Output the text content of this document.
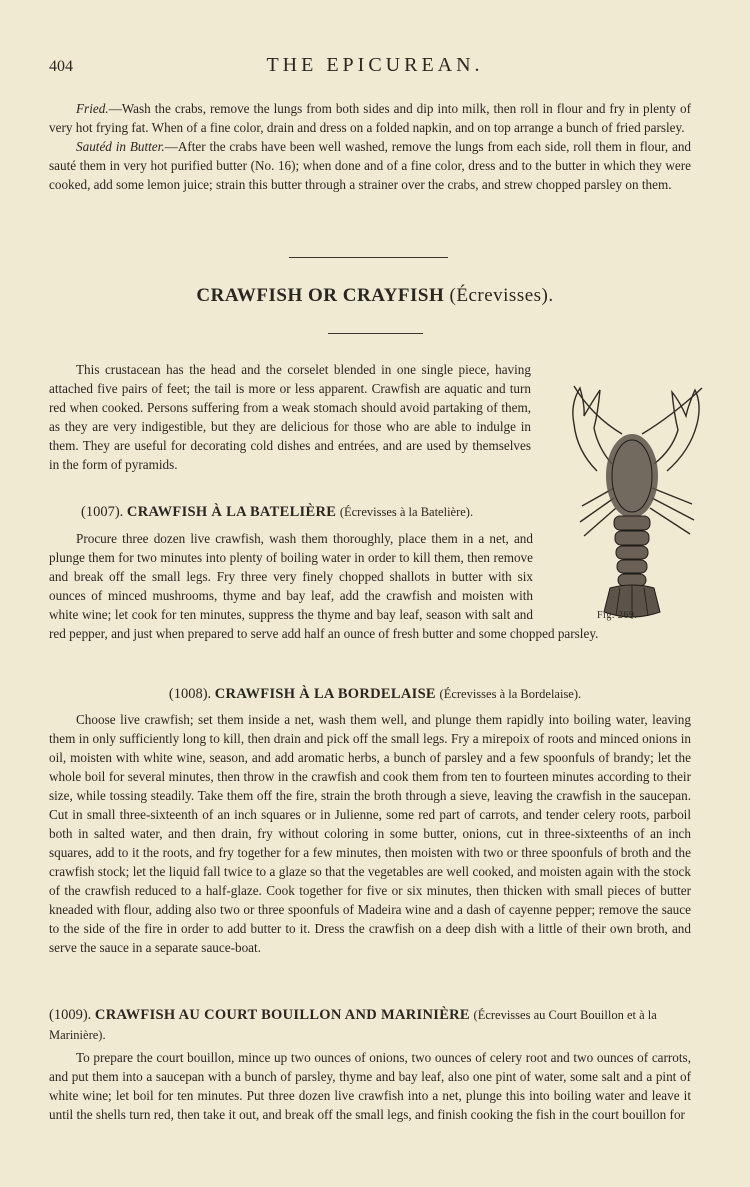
404	THE EPICUREAN.

Fried.—Wash the crabs, remove the lungs from both sides and dip into milk, then roll in flour and fry in plenty of very hot frying fat. When of a fine color, drain and dress on a folded napkin, and on top arrange a bunch of fried parsley.

Sautéd in Butter.—After the crabs have been well washed, remove the lungs from each side, roll them in flour, and sauté them in very hot purified butter (No. 16); when done and of a fine color, dress and to the butter in which they were cooked, add some lemon juice; strain this butter through a strainer over the crabs, and strew chopped parsley on them.

CRAWFISH OR CRAYFISH (Écrevisses).
Fig. 269.

This crustacean has the head and the corselet blended in one single piece, having attached five pairs of feet; the tail is more or less apparent. Crawfish are aquatic and turn red when cooked. Persons suffering from a weak stomach should avoid partaking of them, as they are very indigestible, but they are delicious for those who are able to indulge in them. They are useful for decorating cold dishes and entrées, and are used by themselves in the form of pyramids.

(1007). CRAWFISH À LA BATELIÈRE (Écrevisses à la Batelière).

Procure three dozen live crawfish, wash them thoroughly, place them in a net, and plunge them for two minutes into plenty of boiling water in order to kill them, then remove and break off the small legs. Fry three very finely chopped shallots in butter with six ounces of minced mushrooms, thyme and bay leaf, add the crawfish and moisten with white wine; let cook for ten minutes, suppress the thyme and bay leaf, season with salt and red pepper, and just when prepared to serve add half an ounce of fresh butter and some chopped parsley.

(1008). CRAWFISH À LA BORDELAISE (Écrevisses à la Bordelaise).

Choose live crawfish; set them inside a net, wash them well, and plunge them rapidly into boiling water, leaving them in only sufficiently long to kill, then drain and pick off the small legs. Fry a mirepoix of roots and minced onions in oil, moisten with white wine, season, and add aromatic herbs, a bunch of parsley and a few spoonfuls of brandy; let the whole boil for several minutes, then throw in the crawfish and cook them from ten to fourteen minutes according to their size, while tossing steadily. Take them off the fire, strain the broth through a sieve, leaving the crawfish in the saucepan. Cut in small three-sixteenth of an inch squares or in Julienne, some red part of carrots, and tender celery roots, parboil both in salted water, and then drain, fry without coloring in some butter, onions, cut in three-sixteenths of an inch squares, add to it the roots, and fry together for a few minutes, then moisten with two or three spoonfuls of broth and the crawfish stock; let the liquid fall twice to a glaze so that the vegetables are well cooked, and moisten again with the stock of the crawfish reduced to a half-glaze. Cook together for five or six minutes, then thicken with small pieces of butter kneaded with flour, adding also two or three spoonfuls of Madeira wine and a dash of cayenne pepper; remove the sauce to the side of the fire in order to add butter to it. Dress the crawfish on a deep dish with a little of their own broth, and serve the sauce in a separate sauce-boat.

(1009). CRAWFISH AU COURT BOUILLON AND MARINIÈRE (Écrevisses au Court Bouillon et à la Marinière).

To prepare the court bouillon, mince up two ounces of onions, two ounces of celery root and two ounces of carrots, and put them into a saucepan with a bunch of parsley, thyme and bay leaf, also one pint of water, some salt and a pint of white wine; let boil for ten minutes. Put three dozen live crawfish into a net, plunge this into boiling water and leave it until the shells turn red, then take it out, and break off the small legs, and finish cooking the fish in the court bouillon for
